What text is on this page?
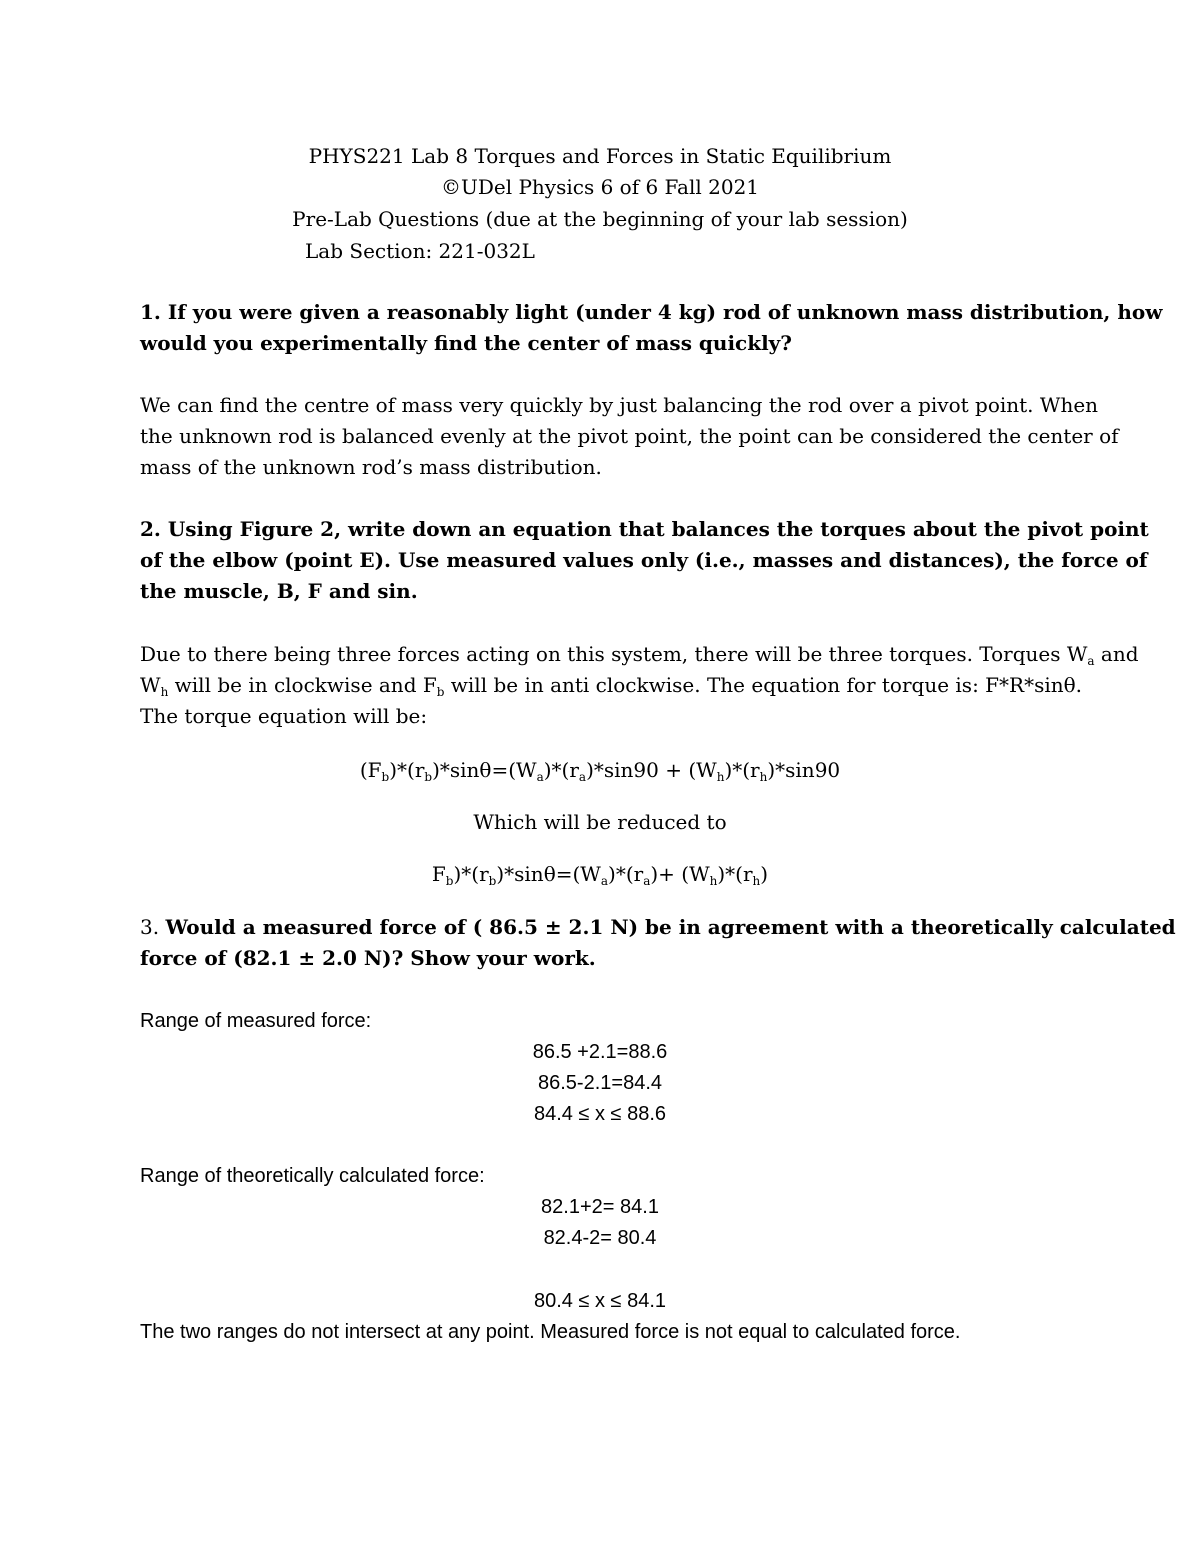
PHYS221 Lab 8 Torques and Forces in Static Equilibrium
©UDel Physics 6 of 6 Fall 2021
Pre-Lab Questions (due at the beginning of your lab session)
Lab Section: 221-032L
1. If you were given a reasonably light (under 4 kg) rod of unknown mass distribution, how
would you experimentally find the center of mass quickly?
We can find the centre of mass very quickly by just balancing the rod over a pivot point. When
the unknown rod is balanced evenly at the pivot point, the point can be considered the center of
mass of the unknown rod’s mass distribution.
2. Using Figure 2, write down an equation that balances the torques about the pivot point
of the elbow (point E). Use measured values only (i.e., masses and distances), the force of
the muscle, B, F and sin.
Due to there being three forces acting on this system, there will be three torques. Torques $W_a$ and
$W_h$ will be in clockwise and $F_b$ will be in anti clockwise. The equation for torque is: F*R*sinθ.
The torque equation will be:
$(F_b)*(r_b)*\sin\theta=(W_a)*(r_a)*\sin 90 + (W_h)*(r_h)*\sin 90$
Which will be reduced to
$F_b)*(r_b)*\sin\theta=(W_a)*(r_a)+ (W_h)*(r_h)$
3. Would a measured force of ( 86.5 ± 2.1 N) be in agreement with a theoretically calculated
force of (82.1 ± 2.0 N)? Show your work.
Range of measured force:
86.5 +2.1=88.6
86.5-2.1=84.4
84.4 ≤ x ≤ 88.6
Range of theoretically calculated force:
82.1+2= 84.1
82.4-2= 80.4
80.4 ≤ x ≤ 84.1
The two ranges do not intersect at any point. Measured force is not equal to calculated force.
